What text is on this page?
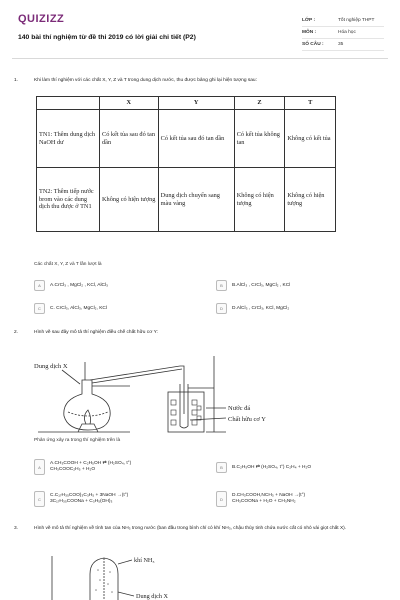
QUIZIZZ
140 bài thí nghiệm từ đề thi 2019 có lời giải chi tiết (P2)
LỚP :	Tốt nghiệp THPT
MÔN :	Hóa học
SỐ CÂU :	35
1.	Khi làm thí nghiệm với các chất X, Y, Z và T trong dung dịch nước, thu được bảng ghi lại hiện tượng sau:
	X	Y	Z	T
TN1: Thêm dung dịch NaOH dư	Có kết tủa sau đó tan dần	Có kết tủa sau đó tan dần	Có kết tủa không tan	Không có kết tủa
TN2: Thêm tiếp nước brom vào các dung dịch thu được ở TN1	Không có hiện tượng	Dung dịch chuyển sang màu vàng	Không có hiện tượng	Không có hiện tượng
Các chất X, Y, Z và T lần lượt là
A	A.CrCl₃ , MgCl₂ , KCl, AlCl₃	B	B.AlCl₃ , CrCl₃, MgCl₂ , KCl
C	C. CrCl₃, AlCl₃, MgCl₂, KCl	D	D.AlCl₃ , CrCl₃, KCl, MgCl₂
2.	Hình vẽ sau đây mô tả thí nghiệm điều chế chất hữu cơ Y:
Dung dịch X
Nước đá
Chất hữu cơ Y
Phản ứng xảy ra trong thí nghiệm trên là
A
A.CH₃COOH + C₂H₅OH ⇄ (H₂SO₄, t°)
CH₃COOC₂H₅ + H₂O	B	B.C₂H₅OH ⇄ (H₂SO₄, t°) C₂H₄ + H₂O
C
C.C₁₇H₃₅COO)₃C₃H₅ + 3NaOH →(t°)
3C₁₇H₃₅COONa + C₃H₅(OH)₃	D
D.CH₃COOH,NCH₃ + NaOH →(t°)
CH₃COONa + H₂O + CH₃NH₂
3.	Hình vẽ mô tả thí nghiệm về tính tan của NH₃ trong nước (ban đầu trong bình chỉ có khí NH₃, chậu thủy tinh chứa nước cất có nhỏ vài giọt chất X).
khí NH₃
Dung dịch X
